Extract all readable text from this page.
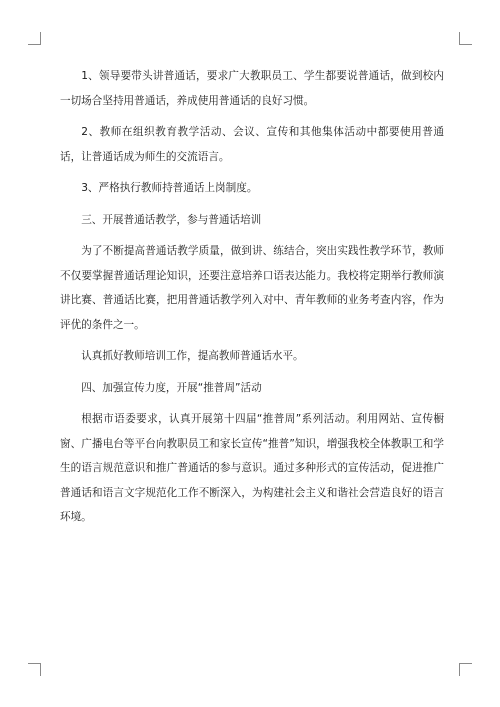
1、领导要带头讲普通话，要求广大教职员工、学生都要说普通话，做到校内一切场合坚持用普通话，养成使用普通话的良好习惯。

2、教师在组织教育教学活动、会议、宣传和其他集体活动中都要使用普通话，让普通话成为师生的交流语言。

3、严格执行教师持普通话上岗制度。

三、开展普通话教学，参与普通话培训

为了不断提高普通话教学质量，做到讲、练结合，突出实践性教学环节，教师不仅要掌握普通话理论知识，还要注意培养口语表达能力。我校将定期举行教师演讲比赛、普通话比赛，把用普通话教学列入对中、青年教师的业务考查内容，作为评优的条件之一。

认真抓好教师培训工作，提高教师普通话水平。

四、加强宣传力度，开展“推普周”活动

根据市语委要求，认真开展第十四届“推普周”系列活动。利用网站、宣传橱窗、广播电台等平台向教职员工和家长宣传“推普”知识，增强我校全体教职工和学生的语言规范意识和推广普通话的参与意识。通过多种形式的宣传活动，促进推广普通话和语言文字规范化工作不断深入，为构建社会主义和谐社会营造良好的语言环境。
